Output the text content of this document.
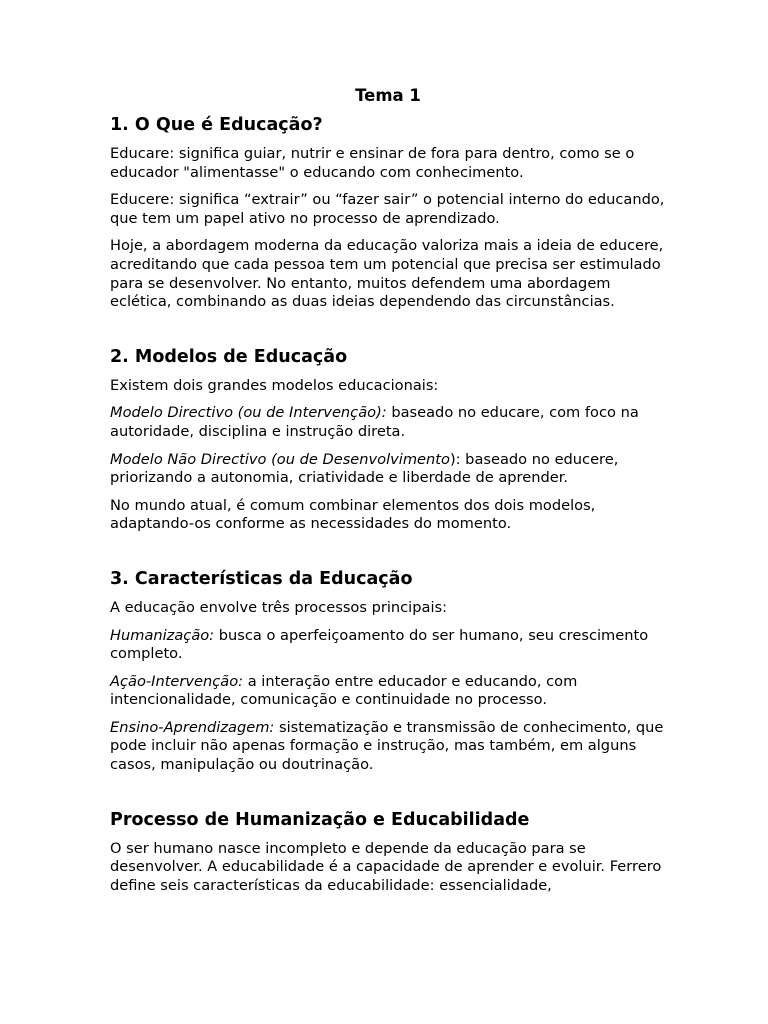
Tema 1
1. O Que é Educação?

Educare: significa guiar, nutrir e ensinar de fora para dentro, como se o educador "alimentasse" o educando com conhecimento.

Educere: significa “extrair” ou “fazer sair” o potencial interno do educando, que tem um papel ativo no processo de aprendizado.

Hoje, a abordagem moderna da educação valoriza mais a ideia de educere, acreditando que cada pessoa tem um potencial que precisa ser estimulado para se desenvolver. No entanto, muitos defendem uma abordagem eclética, combinando as duas ideias dependendo das circunstâncias.

2. Modelos de Educação

Existem dois grandes modelos educacionais:

Modelo Directivo (ou de Intervenção): baseado no educare, com foco na autoridade, disciplina e instrução direta.

Modelo Não Directivo (ou de Desenvolvimento): baseado no educere, priorizando a autonomia, criatividade e liberdade de aprender.

No mundo atual, é comum combinar elementos dos dois modelos, adaptando-os conforme as necessidades do momento.

3. Características da Educação

A educação envolve três processos principais:

Humanização: busca o aperfeiçoamento do ser humano, seu crescimento completo.

Ação-Intervenção: a interação entre educador e educando, com intencionalidade, comunicação e continuidade no processo.

Ensino-Aprendizagem: sistematização e transmissão de conhecimento, que pode incluir não apenas formação e instrução, mas também, em alguns casos, manipulação ou doutrinação.

Processo de Humanização e Educabilidade

O ser humano nasce incompleto e depende da educação para se desenvolver. A educabilidade é a capacidade de aprender e evoluir. Ferrero define seis características da educabilidade: essencialidade,
